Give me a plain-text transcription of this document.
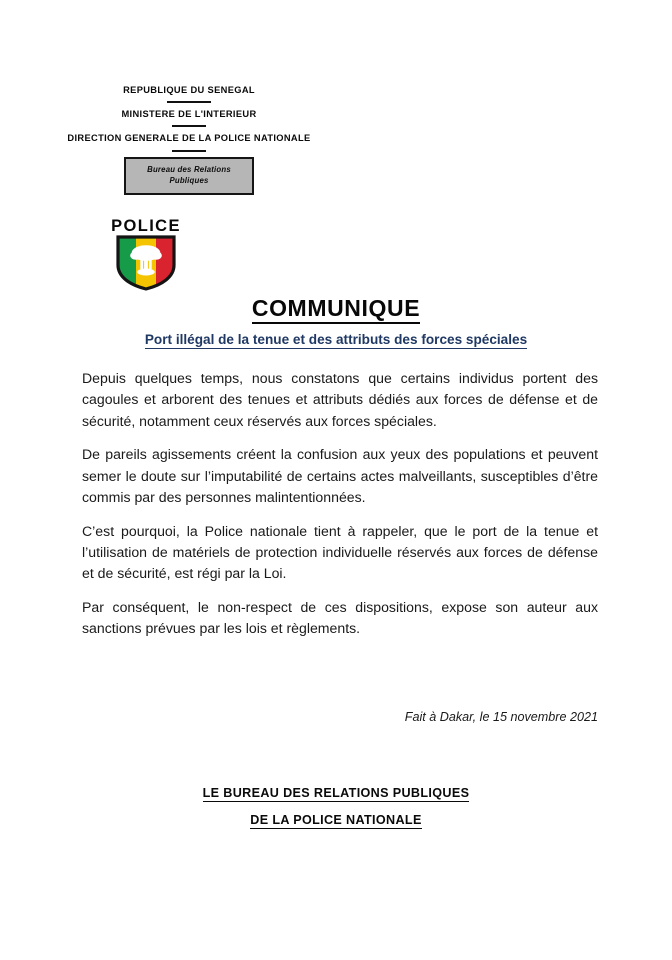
REPUBLIQUE DU SENEGAL
MINISTERE DE L'INTERIEUR
DIRECTION GENERALE DE LA POLICE NATIONALE
Bureau des Relations
Publiques
POLICE
COMMUNIQUE
Port illégal de la tenue et des attributs des forces spéciales

Depuis quelques temps, nous constatons que certains individus portent des cagoules et arborent des tenues et attributs dédiés aux forces de défense et de sécurité, notamment ceux réservés aux forces spéciales.

De pareils agissements créent la confusion aux yeux des populations et peuvent semer le doute sur l’imputabilité de certains actes malveillants, susceptibles d’être commis par des personnes malintentionnées.

C’est pourquoi, la Police nationale tient à rappeler, que le port de la tenue et l’utilisation de matériels de protection individuelle réservés aux forces de défense et de sécurité, est régi par la Loi.

Par conséquent, le non-respect de ces dispositions, expose son auteur aux sanctions prévues par les lois et règlements.

Fait à Dakar, le 15 novembre 2021
LE BUREAU DES RELATIONS PUBLIQUES
DE LA POLICE NATIONALE
